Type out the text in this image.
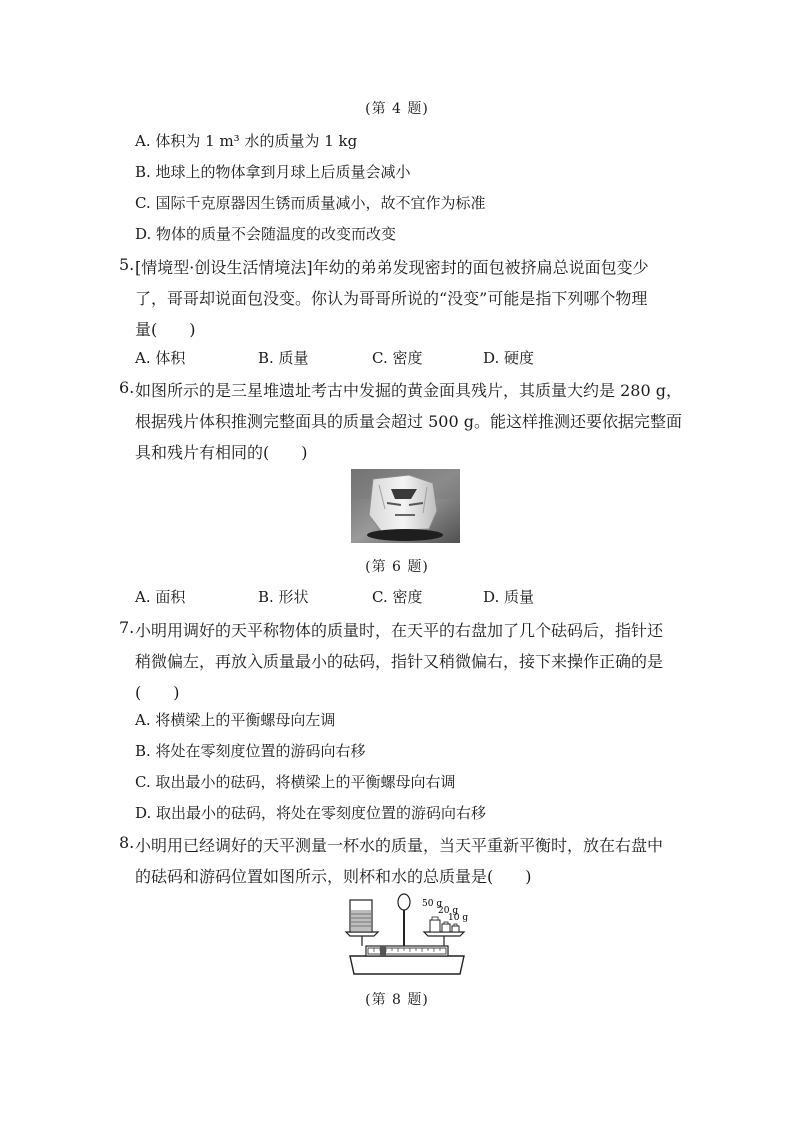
(第 4 题)
A. 体积为 1 m³ 水的质量为 1 kg
B. 地球上的物体拿到月球上后质量会减小
C. 国际千克原器因生锈而质量减小，故不宜作为标准
D. 物体的质量不会随温度的改变而改变
5. [情境型·创设生活情境法]年幼的弟弟发现密封的面包被挤扁总说面包变少
了，哥哥却说面包没变。你认为哥哥所说的“没变”可能是指下列哪个物理
量(　　)
A. 体积	B. 质量	C. 密度	D. 硬度
6. 如图所示的是三星堆遗址考古中发掘的黄金面具残片，其质量大约是 280 g，
根据残片体积推测完整面具的质量会超过 500 g。能这样推测还要依据完整面
具和残片有相同的(　　)
(第 6 题)
A. 面积	B. 形状	C. 密度	D. 质量
7. 小明用调好的天平称物体的质量时，在天平的右盘加了几个砝码后，指针还
稍微偏左，再放入质量最小的砝码，指针又稍微偏右，接下来操作正确的是
(　　)
A. 将横梁上的平衡螺母向左调
B. 将处在零刻度位置的游码向右移
C. 取出最小的砝码，将横梁上的平衡螺母向右调
D. 取出最小的砝码，将处在零刻度位置的游码向右移
8. 小明用已经调好的天平测量一杯水的质量，当天平重新平衡时，放在右盘中
的砝码和游码位置如图所示，则杯和水的总质量是(　　)
50 g
20 g
10 g
(第 8 题)
